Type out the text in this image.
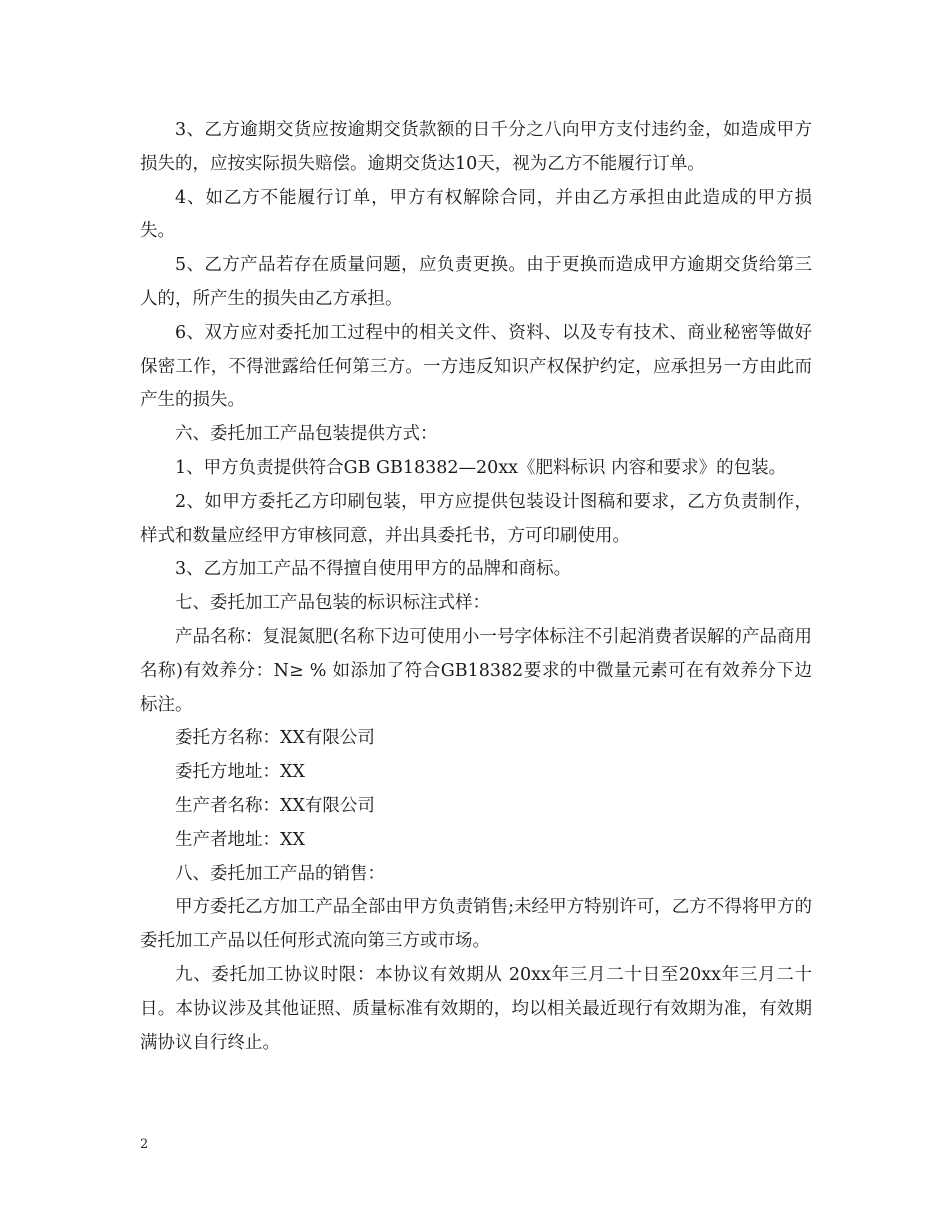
3、乙方逾期交货应按逾期交货款额的日千分之八向甲方支付违约金，如造成甲方损失的，应按实际损失赔偿。逾期交货达10天，视为乙方不能履行订单。

4、如乙方不能履行订单，甲方有权解除合同，并由乙方承担由此造成的甲方损失。

5、乙方产品若存在质量问题，应负责更换。由于更换而造成甲方逾期交货给第三人的，所产生的损失由乙方承担。

6、双方应对委托加工过程中的相关文件、资料、以及专有技术、商业秘密等做好保密工作，不得泄露给任何第三方。一方违反知识产权保护约定，应承担另一方由此而产生的损失。

六、委托加工产品包装提供方式：

1、甲方负责提供符合GB GB18382—20xx《肥料标识 内容和要求》的包装。

2、如甲方委托乙方印刷包装，甲方应提供包装设计图稿和要求，乙方负责制作，样式和数量应经甲方审核同意，并出具委托书，方可印刷使用。

3、乙方加工产品不得擅自使用甲方的品牌和商标。

七、委托加工产品包装的标识标注式样：

产品名称：复混氮肥(名称下边可使用小一号字体标注不引起消费者误解的产品商用名称)有效养分：N≥ % 如添加了符合GB18382要求的中微量元素可在有效养分下边标注。

委托方名称：XX有限公司

委托方地址：XX

生产者名称：XX有限公司

生产者地址：XX

八、委托加工产品的销售：

甲方委托乙方加工产品全部由甲方负责销售;未经甲方特别许可，乙方不得将甲方的委托加工产品以任何形式流向第三方或市场。

九、委托加工协议时限：本协议有效期从 20xx年三月二十日至20xx年三月二十日。本协议涉及其他证照、质量标准有效期的，均以相关最近现行有效期为准，有效期满协议自行终止。

2
